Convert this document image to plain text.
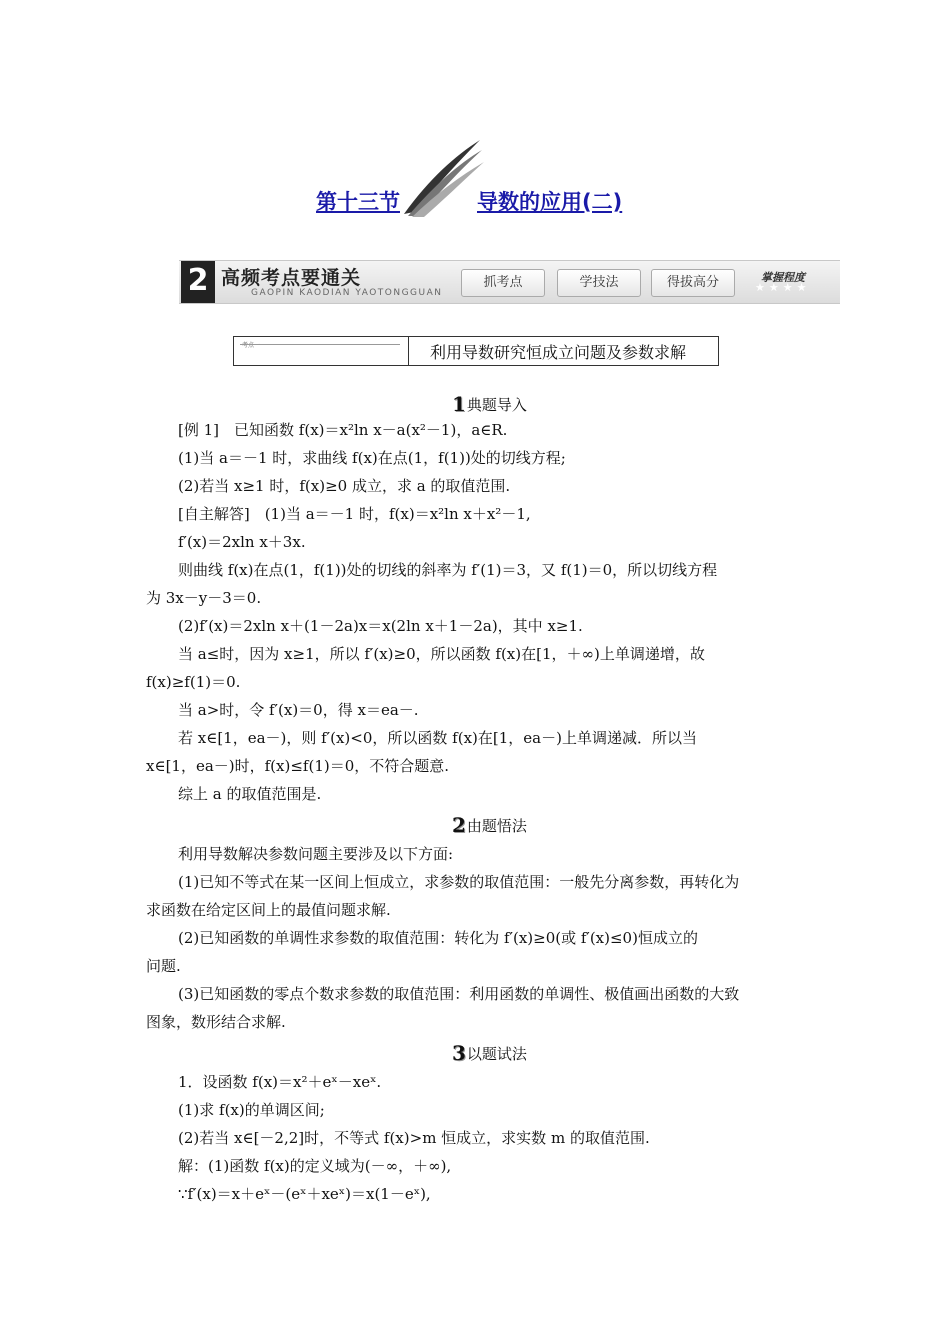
第十三节	导数的应用(二)
2 高频考点要通关
GAOPIN KAODIAN YAOTONGGUAN
抓考点	学技法	得拔高分	掌握程度
★★★★
考点一	利用导数研究恒成立问题及参数求解
1典题导入
[例 1]　已知函数 f(x)＝x²ln x－a(x²－1)，a∈R.
(1)当 a＝－1 时，求曲线 f(x)在点(1，f(1))处的切线方程;
(2)若当 x≥1 时，f(x)≥0 成立，求 a 的取值范围.
[自主解答]　(1)当 a＝－1 时，f(x)＝x²ln x＋x²－1,
f′(x)＝2xln x＋3x.
则曲线 f(x)在点(1，f(1))处的切线的斜率为 f′(1)＝3，又 f(1)＝0，所以切线方程
为 3x－y－3＝0.
(2)f′(x)＝2xln x＋(1－2a)x＝x(2ln x＋1－2a)，其中 x≥1.
当 a≤时，因为 x≥1，所以 f′(x)≥0，所以函数 f(x)在[1，＋∞)上单调递增，故
f(x)≥f(1)＝0.
当 a>时，令 f′(x)＝0，得 x＝ea－.
若 x∈[1，ea－)，则 f′(x)<0，所以函数 f(x)在[1，ea－)上单调递减．所以当
x∈[1，ea－)时，f(x)≤f(1)＝0，不符合题意.
综上 a 的取值范围是.
2由题悟法
利用导数解决参数问题主要涉及以下方面:
(1)已知不等式在某一区间上恒成立，求参数的取值范围：一般先分离参数，再转化为
求函数在给定区间上的最值问题求解.
(2)已知函数的单调性求参数的取值范围：转化为 f′(x)≥0(或 f′(x)≤0)恒成立的
问题.
(3)已知函数的零点个数求参数的取值范围：利用函数的单调性、极值画出函数的大致
图象，数形结合求解.
3以题试法
1．设函数 f(x)＝x²＋eˣ－xeˣ.
(1)求 f(x)的单调区间;
(2)若当 x∈[－2,2]时，不等式 f(x)>m 恒成立，求实数 m 的取值范围.
解：(1)函数 f(x)的定义域为(－∞，＋∞),
∵f′(x)＝x＋eˣ－(eˣ＋xeˣ)＝x(1－eˣ),
